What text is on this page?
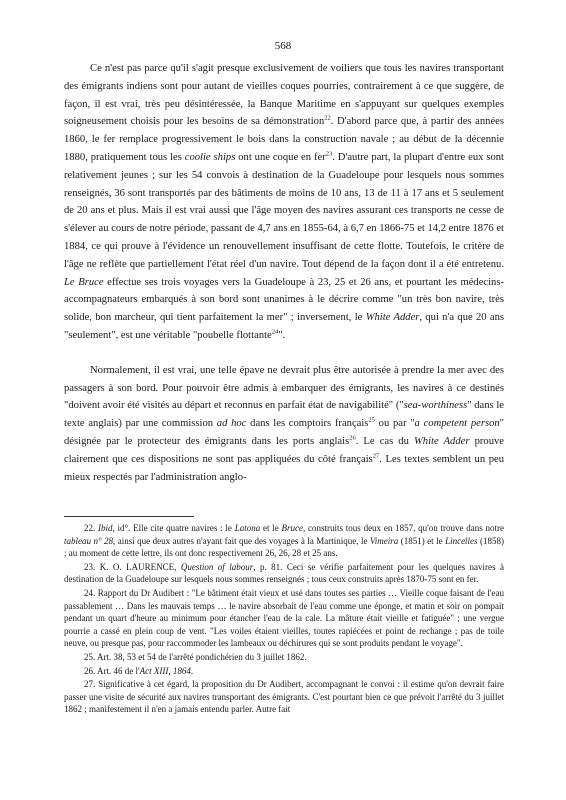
568

Ce n'est pas parce qu'il s'agit presque exclusivement de voiliers que tous les navires transportant des émigrants indiens sont pour autant de vieilles coques pourries, contrairement à ce que suggère, de façon, il est vrai, très peu désintéressée, la Banque Maritime en s'appuyant sur quelques exemples soigneusement choisis pour les besoins de sa démonstration$^{22}$. D'abord parce que, à partir des années 1860, le fer remplace progressivement le bois dans la construction navale ; au début de la décennie 1880, pratiquement tous les coolie ships ont une coque en fer$^{23}$. D'autre part, la plupart d'entre eux sont relativement jeunes ; sur les 54 convois à destination de la Guadeloupe pour lesquels nous sommes renseignés, 36 sont transportés par des bâtiments de moins de 10 ans, 13 de 11 à 17 ans et 5 seulement de 20 ans et plus. Mais il est vrai aussi que l'âge moyen des navires assurant ces transports ne cesse de s'élever au cours de notre période, passant de 4,7 ans en 1855-64, à 6,7 en 1866-75 et 14,2 entre 1876 et 1884, ce qui prouve à l'évidence un renouvellement insuffisant de cette flotte. Toutefois, le critère de l'âge ne reflète que partiellement l'état réel d'un navire. Tout dépend de la façon dont il a été entretenu. Le Bruce effectue ses trois voyages vers la Guadeloupe à 23, 25 et 26 ans, et pourtant les médecins-accompagnateurs embarqués à son bord sont unanimes à le décrire comme "un très bon navire, très solide, bon marcheur, qui tient parfaitement la mer" ; inversement, le White Adder, qui n'a que 20 ans "seulement", est une véritable "poubelle flottante$^{24}$".

Normalement, il est vrai, une telle épave ne devrait plus être autorisée à prendre la mer avec des passagers à son bord. Pour pouvoir être admis à embarquer des émigrants, les navires à ce destinés "doivent avoir été visités au départ et reconnus en parfait état de navigabilité" ("sea-worthiness" dans le texte anglais) par une commission ad hoc dans les comptoirs français$^{25}$ ou par "a competent person" désignée par le protecteur des émigrants dans les ports anglais$^{26}$. Le cas du White Adder prouve clairement que ces dispositions ne sont pas appliquées du côté français$^{27}$. Les textes semblent un peu mieux respectés par l'administration anglo-

22. Ibid, id°. Elle cite quatre navires : le Latona et le Bruce, construits tous deux en 1857, qu'on trouve dans notre tableau n° 28, ainsi que deux autres n'ayant fait que des voyages à la Martinique, le Vimeira (1851) et le Lincelles (1858) ; au moment de cette lettre, ils ont donc respectivement 26, 26, 28 et 25 ans.

23. K. O. LAURENCE, Question of labour, p. 81. Ceci se vérifie parfaitement pour les quelques navires à destination de la Guadeloupe sur lesquels nous sommes renseignés ; tous ceux construits après 1870-75 sont en fer.

24. Rapport du Dr Audibert : "Le bâtiment était vieux et usé dans toutes ses parties … Vieille coque faisant de l'eau passablement … Dans les mauvais temps … le navire absorbait de l'eau comme une éponge, et matin et soir on pompait pendant un quart d'heure au minimum pour étancher l'eau de la cale. La mâture était vieille et fatiguée" ; une vergue pourrie a cassé en plein coup de vent. "Les voiles étaient vieilles, toutes rapiécées et point de rechange ; pas de toile neuve, ou presque pas, pour raccommoder les lambeaux ou déchirures qui se sont produits pendant le voyage".

25. Art. 38, 53 et 54 de l'arrêté pondichérien du 3 juillet 1862.

26. Art. 46 de l'Act XIII, 1864.

27. Significative à cet égard, la proposition du Dr Audibert, accompagnant le convoi : il estime qu'on devrait faire passer une visite de sécurité aux navires transportant des émigrants. C'est pourtant bien ce que prévoit l'arrêté du 3 juillet 1862 ; manifestement il n'en a jamais entendu parler. Autre fait
